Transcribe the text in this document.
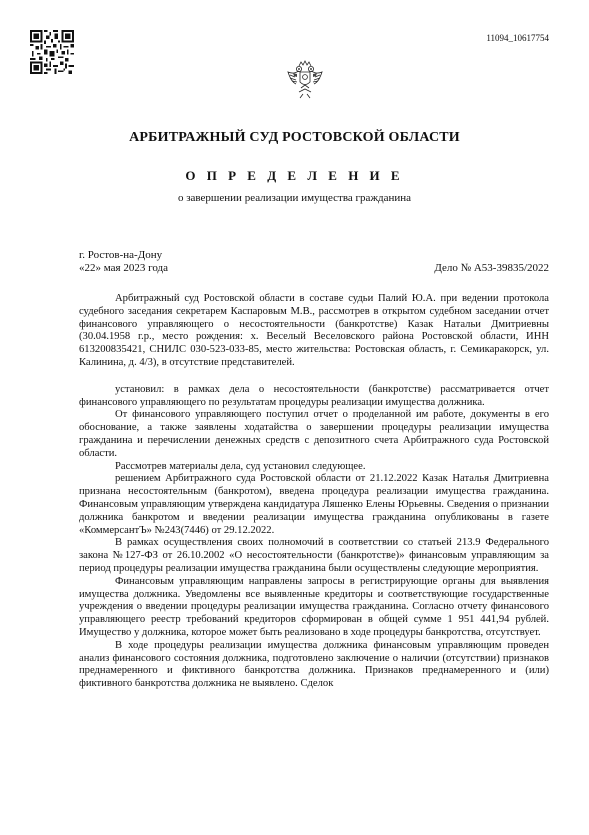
11094_10617754
АРБИТРАЖНЫЙ СУД РОСТОВСКОЙ ОБЛАСТИ
О П Р Е Д Е Л Е Н И Е
о завершении реализации имущества гражданина
г. Ростов-на-Дону
«22» мая 2023 года	Дело № А53-39835/2022

Арбитражный суд Ростовской области в составе судьи Палий Ю.А. при ведении протокола судебного заседания секретарем Каспаровым М.В., рассмотрев в открытом судебном заседании отчет финансового управляющего о несостоятельности (банкротстве) Казак Натальи Дмитриевны (30.04.1958 г.р., место рождения: х. Веселый Веселовского района Ростовской области, ИНН 613200835421, СНИЛС 030-523-033-85, место жительства: Ростовская область, г. Семикаракорск, ул. Калинина, д. 4/3), в отсутствие представителей.

установил: в рамках дела о несостоятельности (банкротстве) рассматривается отчет финансового управляющего по результатам процедуры реализации имущества должника.

От финансового управляющего поступил отчет о проделанной им работе, документы в его обоснование, а также заявлены ходатайства о завершении процедуры реализации имущества гражданина и перечислении денежных средств с депозитного счета Арбитражного суда Ростовской области.

Рассмотрев материалы дела, суд установил следующее.

решением Арбитражного суда Ростовской области от 21.12.2022 Казак Наталья Дмитриевна признана несостоятельным (банкротом), введена процедура реализации имущества гражданина. Финансовым управляющим утверждена кандидатура Ляшенко Елены Юрьевны. Сведения о признании должника банкротом и введении реализации имущества гражданина опубликованы в газете «КоммерсантЪ» №243(7446) от 29.12.2022.

В рамках осуществления своих полномочий в соответствии со статьей 213.9 Федерального закона №127-ФЗ от 26.10.2002 «О несостоятельности (банкротстве)» финансовым управляющим за период процедуры реализации имущества гражданина были осуществлены следующие мероприятия.

Финансовым управляющим направлены запросы в регистрирующие органы для выявления имущества должника. Уведомлены все выявленные кредиторы и соответствующие государственные учреждения о введении процедуры реализации имущества гражданина. Согласно отчету финансового управляющего реестр требований кредиторов сформирован в общей сумме 1 951 441,94 рублей. Имущество у должника, которое может быть реализовано в ходе процедуры банкротства, отсутствует.

В ходе процедуры реализации имущества должника финансовым управляющим проведен анализ финансового состояния должника, подготовлено заключение о наличии (отсутствии) признаков преднамеренного и фиктивного банкротства должника. Признаков преднамеренного и (или) фиктивного банкротства должника не выявлено. Сделок
